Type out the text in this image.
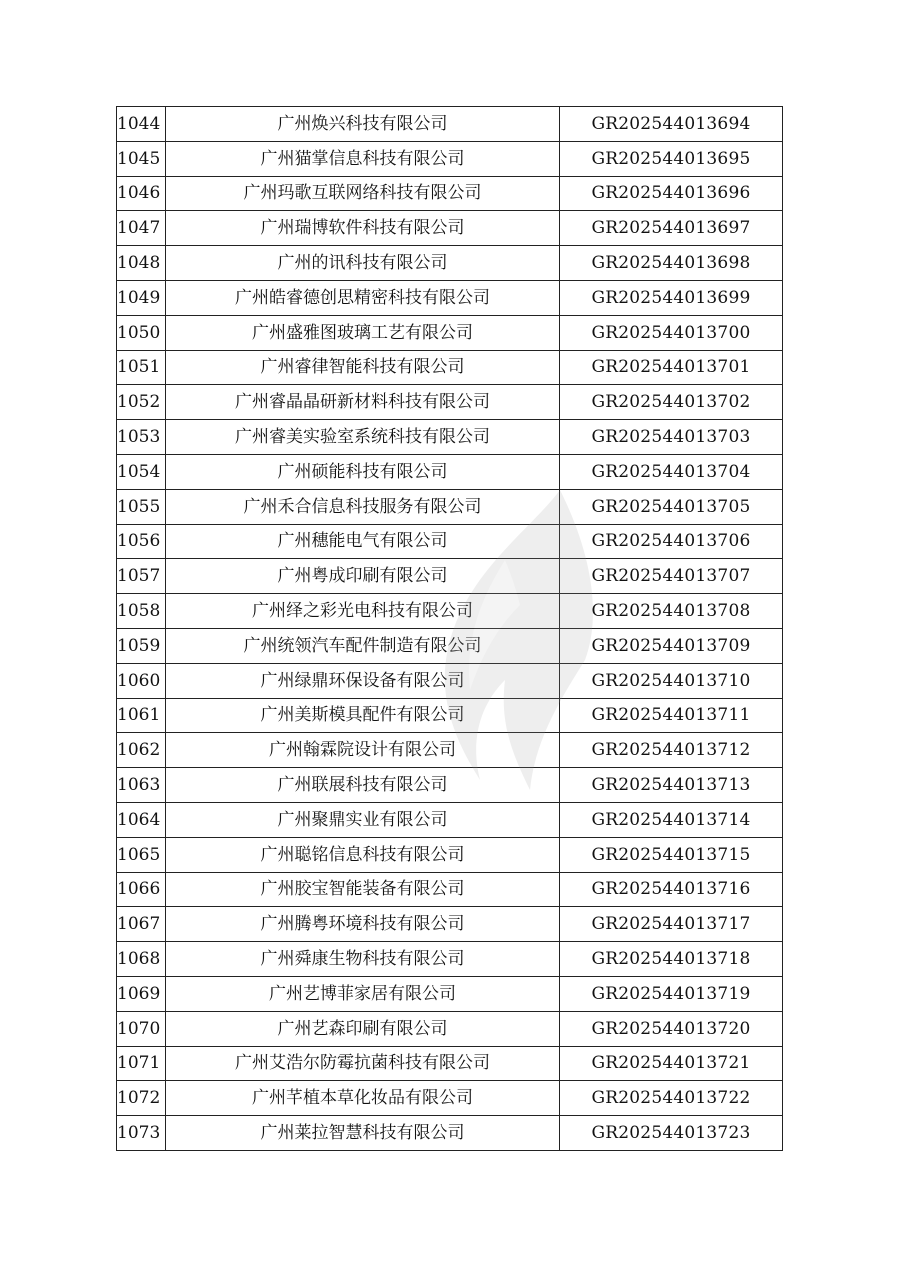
1044	广州焕兴科技有限公司	GR202544013694
1045	广州猫掌信息科技有限公司	GR202544013695
1046	广州玛歌互联网络科技有限公司	GR202544013696
1047	广州瑞博软件科技有限公司	GR202544013697
1048	广州的讯科技有限公司	GR202544013698
1049	广州皓睿德创思精密科技有限公司	GR202544013699
1050	广州盛雅图玻璃工艺有限公司	GR202544013700
1051	广州睿律智能科技有限公司	GR202544013701
1052	广州睿晶晶研新材料科技有限公司	GR202544013702
1053	广州睿美实验室系统科技有限公司	GR202544013703
1054	广州硕能科技有限公司	GR202544013704
1055	广州禾合信息科技服务有限公司	GR202544013705
1056	广州穗能电气有限公司	GR202544013706
1057	广州粤成印刷有限公司	GR202544013707
1058	广州绎之彩光电科技有限公司	GR202544013708
1059	广州统领汽车配件制造有限公司	GR202544013709
1060	广州绿鼎环保设备有限公司	GR202544013710
1061	广州美斯模具配件有限公司	GR202544013711
1062	广州翰霖院设计有限公司	GR202544013712
1063	广州联展科技有限公司	GR202544013713
1064	广州聚鼎实业有限公司	GR202544013714
1065	广州聪铭信息科技有限公司	GR202544013715
1066	广州胶宝智能装备有限公司	GR202544013716
1067	广州腾粤环境科技有限公司	GR202544013717
1068	广州舜康生物科技有限公司	GR202544013718
1069	广州艺博菲家居有限公司	GR202544013719
1070	广州艺森印刷有限公司	GR202544013720
1071	广州艾浩尔防霉抗菌科技有限公司	GR202544013721
1072	广州芊植本草化妆品有限公司	GR202544013722
1073	广州莱拉智慧科技有限公司	GR202544013723
